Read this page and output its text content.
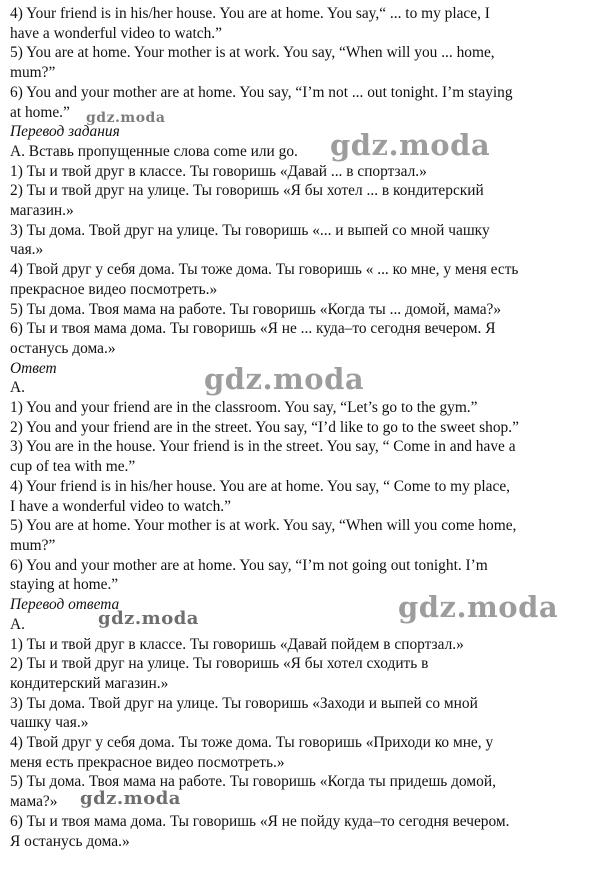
4) Your friend is in his/her house. You are at home. You say,“ ... to my place, I
have a wonderful video to watch.”
5) You are at home. Your mother is at work. You say, “When will you ... home,
mum?”
6) You and your mother are at home. You say, “I’m not ... out tonight. I’m staying
at home.”
Перевод задания
А. Вставь пропущенные слова come или go.
1) Ты и твой друг в классе. Ты говоришь «Давай ... в спортзал.»
2) Ты и твой друг на улице. Ты говоришь «Я бы хотел ... в кондитерский
магазин.»
3) Ты дома. Твой друг на улице. Ты говоришь «... и выпей со мной чашку
чая.»
4) Твой друг у себя дома. Ты тоже дома. Ты говоришь « ... ко мне, у меня есть
прекрасное видео посмотреть.»
5) Ты дома. Твоя мама на работе. Ты говоришь «Когда ты ... домой, мама?»
6) Ты и твоя мама дома. Ты говоришь «Я не ... куда–то сегодня вечером. Я
останусь дома.»
Ответ
A.
1) You and your friend are in the classroom. You say, “Let’s go to the gym.”
2) You and your friend are in the street. You say, “I’d like to go to the sweet shop.”
3) You are in the house. Your friend is in the street. You say, “ Come in and have a
cup of tea with me.”
4) Your friend is in his/her house. You are at home. You say, “ Come to my place,
I have a wonderful video to watch.”
5) You are at home. Your mother is at work. You say, “When will you come home,
mum?”
6) You and your mother are at home. You say, “I’m not going out tonight. I’m
staying at home.”
Перевод ответа
А.
1) Ты и твой друг в классе. Ты говоришь «Давай пойдем в спортзал.»
2) Ты и твой друг на улице. Ты говоришь «Я бы хотел сходить в
кондитерский магазин.»
3) Ты дома. Твой друг на улице. Ты говоришь «Заходи и выпей со мной
чашку чая.»
4) Твой друг у себя дома. Ты тоже дома. Ты говоришь «Приходи ко мне, у
меня есть прекрасное видео посмотреть.»
5) Ты дома. Твоя мама на работе. Ты говоришь «Когда ты придешь домой,
мама?»
6) Ты и твоя мама дома. Ты говоришь «Я не пойду куда–то сегодня вечером.
Я останусь дома.»
gdz.moda
gdz.moda
gdz.moda
gdz.moda
gdz.moda
gdz.moda
